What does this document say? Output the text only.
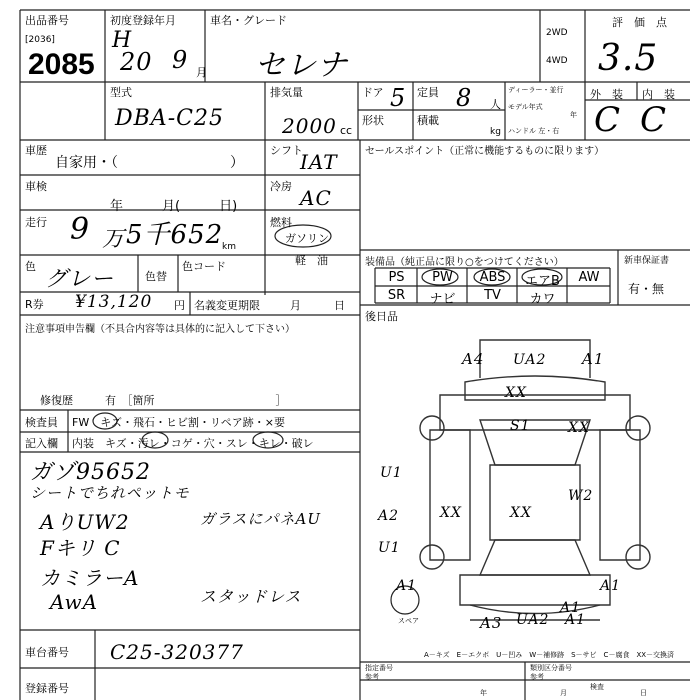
出品番号
[2036]
2085
初度登録年月
H
20 9 月
車名・グレード
セレナ
2WD
4WD
評　価　点
3.5
型式
DBA-C25
排気量
2000 cc
ドア 5 定員 8 人
形状	積載
kg
ディーラー・並行
モデル年式
年
ハンドル 左・右
外　装 内　装
C C
車歴
自家用・（　　　　　　　　）
シフト
IAT	セールスポイント（正常に機能するものに限ります）
車検
年　　　月(　　　日)
冷房 AC
走行 9 万 5千652
km
燃料
ガソリン
軽　油
色
グレー	色替
色コード
R券 ¥13,120 円 名義変更期限	月　　　日
注意事項申告欄（不具合内容等は具体的に記入して下さい）
修復歴	有　［箇所　　　　　　　　　　　］
検査員 FW　キズ・飛石・ヒビ割・リペア跡・×要
記入欄 内装　キズ・汚レ・コゲ・穴・スレ・キレ・破レ
ガゾ95652
シートでちれペットモ
AりUW2
Fキリ C
カミラーA
AwA
ガラスにパネAU
スタッドレス
装備品（純正品に限り○をつけてください）	新車保証書
有・無
PS	PW	ABS	エアB	AW
SR	ナビ	TV	カワ
後日品
A4 UA2 A1
XX
S1	XX
U1
A2	XX	XX
U1
W2
A1	A1
A1
A3 UA2 A1
スペア
A－キズ　E－エクボ　U－凹み　W－補修跡　S－サビ　C－腐食　XX－交換済
車台番号 C25-320377
登録番号
指定番号
参考
類別区分番号
参考
年	月	日
検査
